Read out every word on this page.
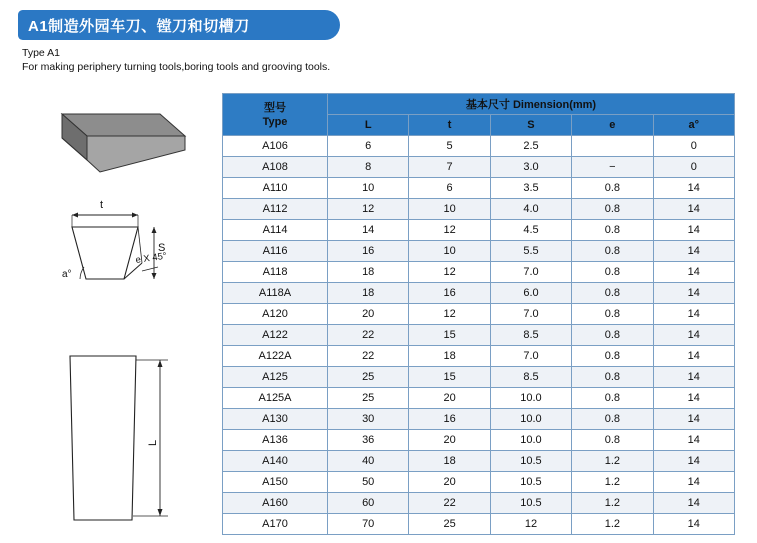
A1制造外园车刀、镗刀和切槽刀
Type A1
For making periphery turning tools,boring tools and grooving tools.
t
S
a°
e X 45°
L
型号
Type	基本尺寸 Dimension(mm)				
	L	t	S	e	a°
A106	6	5	2.5		0
A108	8	7	3.0	−	0
A110	10	6	3.5	0.8	14
A112	12	10	4.0	0.8	14
A114	14	12	4.5	0.8	14
A116	16	10	5.5	0.8	14
A118	18	12	7.0	0.8	14
A118A	18	16	6.0	0.8	14
A120	20	12	7.0	0.8	14
A122	22	15	8.5	0.8	14
A122A	22	18	7.0	0.8	14
A125	25	15	8.5	0.8	14
A125A	25	20	10.0	0.8	14
A130	30	16	10.0	0.8	14
A136	36	20	10.0	0.8	14
A140	40	18	10.5	1.2	14
A150	50	20	10.5	1.2	14
A160	60	22	10.5	1.2	14
A170	70	25	12	1.2	14
